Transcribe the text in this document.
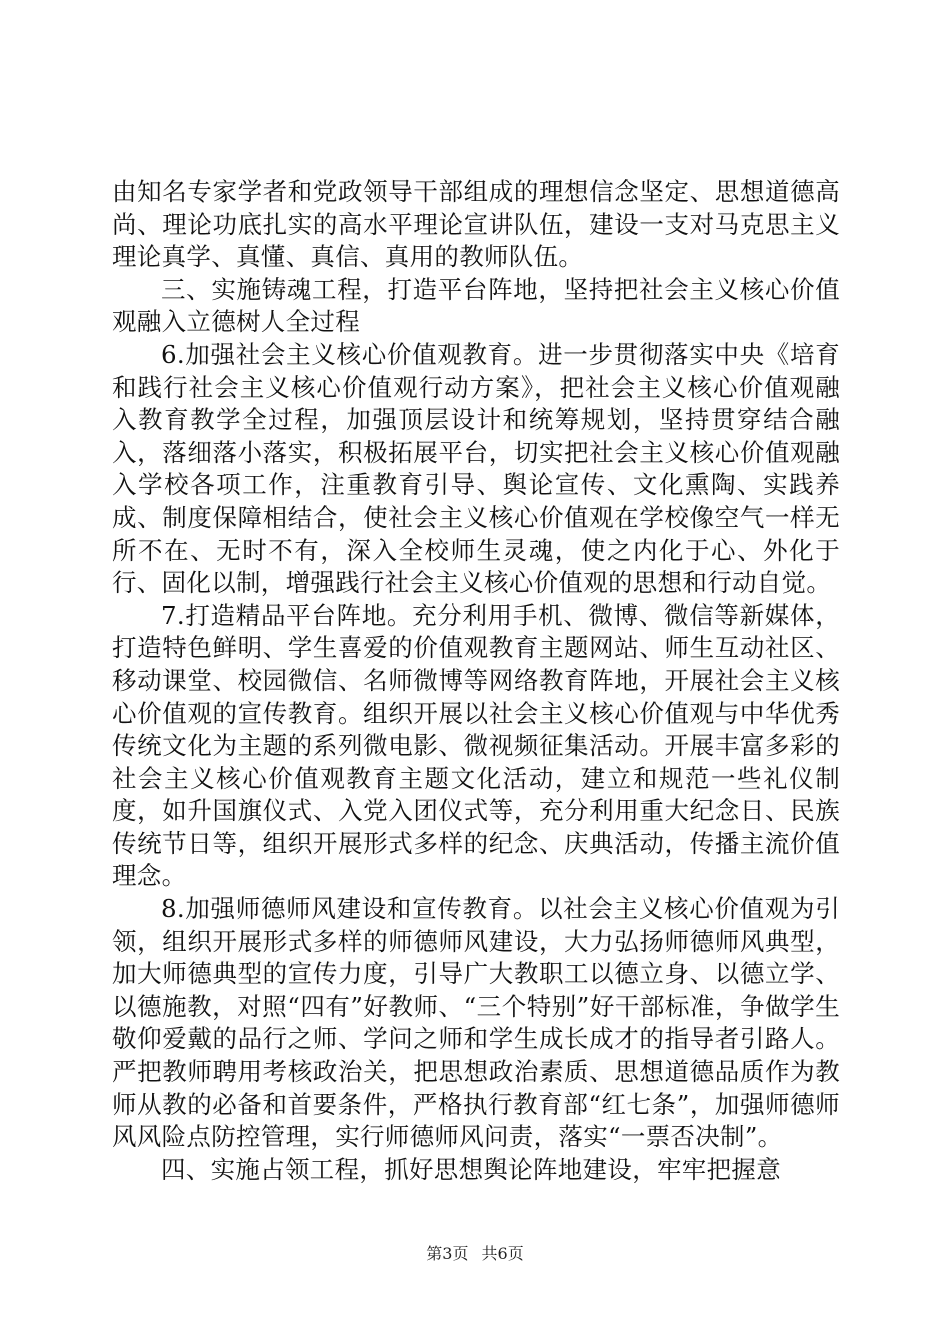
由知名专家学者和党政领导干部组成的理想信念坚定、思想道德高尚、理论功底扎实的高水平理论宣讲队伍，建设一支对马克思主义理论真学、真懂、真信、真用的教师队伍。

三、实施铸魂工程，打造平台阵地，坚持把社会主义核心价值观融入立德树人全过程

6.加强社会主义核心价值观教育。进一步贯彻落实中央《培育和践行社会主义核心价值观行动方案》，把社会主义核心价值观融入教育教学全过程，加强顶层设计和统筹规划，坚持贯穿结合融入，落细落小落实，积极拓展平台，切实把社会主义核心价值观融入学校各项工作，注重教育引导、舆论宣传、文化熏陶、实践养成、制度保障相结合，使社会主义核心价值观在学校像空气一样无所不在、无时不有，深入全校师生灵魂，使之内化于心、外化于行、固化以制，增强践行社会主义核心价值观的思想和行动自觉。

7.打造精品平台阵地。充分利用手机、微博、微信等新媒体，打造特色鲜明、学生喜爱的价值观教育主题网站、师生互动社区、移动课堂、校园微信、名师微博等网络教育阵地，开展社会主义核心价值观的宣传教育。组织开展以社会主义核心价值观与中华优秀传统文化为主题的系列微电影、微视频征集活动。开展丰富多彩的社会主义核心价值观教育主题文化活动，建立和规范一些礼仪制度，如升国旗仪式、入党入团仪式等，充分利用重大纪念日、民族传统节日等，组织开展形式多样的纪念、庆典活动，传播主流价值理念。

8.加强师德师风建设和宣传教育。以社会主义核心价值观为引领，组织开展形式多样的师德师风建设，大力弘扬师德师风典型，加大师德典型的宣传力度，引导广大教职工以德立身、以德立学、以德施教，对照“四有”好教师、“三个特别”好干部标准，争做学生敬仰爱戴的品行之师、学问之师和学生成长成才的指导者引路人。严把教师聘用考核政治关，把思想政治素质、思想道德品质作为教师从教的必备和首要条件，严格执行教育部“红七条”，加强师德师风风险点防控管理，实行师德师风问责，落实“一票否决制”。

四、实施占领工程，抓好思想舆论阵地建设，牢牢把握意

第3页 共6页
